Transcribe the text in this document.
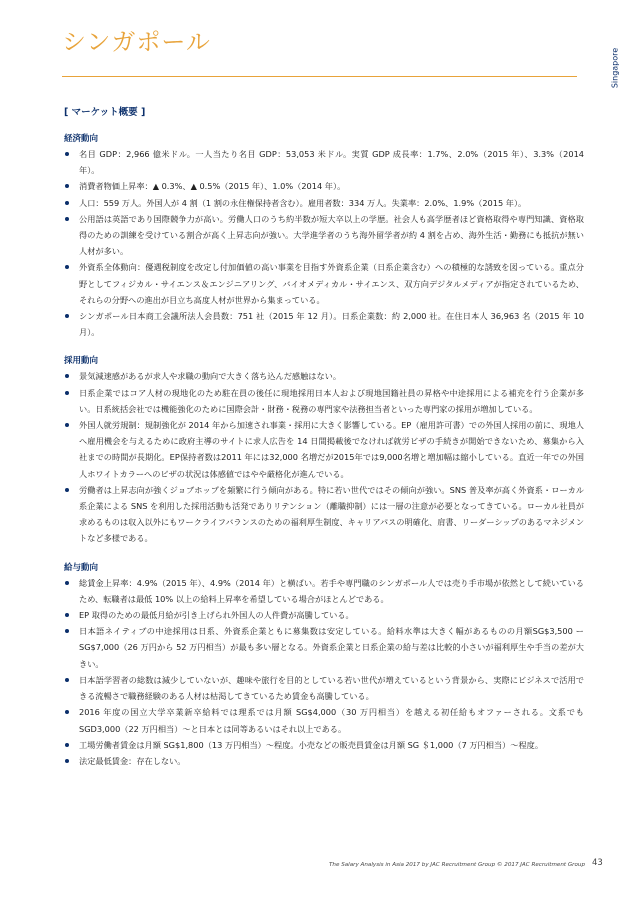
シンガポール
Singapore
[ マーケット概要 ]
経済動向
名目 GDP：2,966 億米ドル。一人当たり名目 GDP：53,053 米ドル。実質 GDP 成長率：1.7%、2.0%（2015 年）、3.3%（2014 年）。
消費者物価上昇率：▲ 0.3%、▲ 0.5%（2015 年）、1.0%（2014 年）。
人口：559 万人。外国人が 4 割（1 割の永住権保持者含む）。雇用者数：334 万人。失業率：2.0%、1.9%（2015 年）。
公用語は英語であり国際競争力が高い。労働人口のうち約半数が短大卒以上の学歴。社会人も高学歴者ほど資格取得や専門知識、資格取得のための訓練を受けている割合が高く上昇志向が強い。大学進学者のうち海外留学者が約 4 割を占め、海外生活・勤務にも抵抗が無い人材が多い。
外資系全体動向：優遇税制度を改定し付加価値の高い事業を目指す外資系企業（日系企業含む）への積極的な誘致を図っている。重点分野としてフィジカル・サイエンス＆エンジニアリング、バイオメディカル・サイエンス、双方向デジタルメディアが指定されているため、それらの分野への進出が目立ち高度人材が世界から集まっている。
シンガポール日本商工会議所法人会員数：751 社（2015 年 12 月）。日系企業数：約 2,000 社。在住日本人 36,963 名（2015 年 10 月）。
採用動向
景気減速感があるが求人や求職の動向で大きく落ち込んだ感触はない。
日系企業ではコア人材の現地化のため駐在員の後任に現地採用日本人および現地国籍社員の昇格や中途採用による補充を行う企業が多い。日系統括会社では機能強化のために国際会計・財務・税務の専門家や法務担当者といった専門家の採用が増加している。
外国人就労規制：規制強化が 2014 年から加速され事業・採用に大きく影響している。EP（雇用許可書）での外国人採用の前に、現地人へ雇用機会を与えるために政府主導のサイトに求人広告を 14 日間掲載後でなければ就労ビザの手続きが開始できないため、募集から入社までの時間が長期化。EP保持者数は2011 年には32,000 名増だが2015年では9,000名増と増加幅は縮小している。直近一年での外国人ホワイトカラーへのビザの状況は体感値ではやや厳格化が進んでいる。
労働者は上昇志向が強くジョブホップを頻繁に行う傾向がある。特に若い世代ではその傾向が強い。SNS 普及率が高く外資系・ローカル系企業による SNS を利用した採用活動も活発でありリテンション（離職抑制）には一層の注意が必要となってきている。ローカル社員が求めるものは収入以外にもワークライフバランスのための福利厚生制度、キャリアパスの明確化、肩書、リーダーシップのあるマネジメントなど多様である。
給与動向
総賃金上昇率：4.9%（2015 年）、4.9%（2014 年）と横ばい。若手や専門職のシンガポール人では売り手市場が依然として続いているため、転職者は最低 10% 以上の給料上昇率を希望している場合がほとんどである。
EP 取得のための最低月給が引き上げられ外国人の人件費が高騰している。
日本語ネイティブの中途採用は日系、外資系企業ともに募集数は安定している。給料水準は大きく幅があるものの月額SG$3,500 ー SG$7,000（26 万円から 52 万円相当）が最も多い層となる。外資系企業と日系企業の給与差は比較的小さいが福利厚生や手当の差が大きい。
日本語学習者の総数は減少していないが、趣味や旅行を目的としている若い世代が増えているという背景から、実際にビジネスで活用できる流暢さで職務経験のある人材は枯渇してきているため賃金も高騰している。
2016 年度の国立大学卒業新卒給料では理系では月額 SG$4,000（30 万円相当）を越える初任給もオファーされる。文系でも SGD3,000（22 万円相当）～と日本とは同等あるいはそれ以上である。
工場労働者賃金は月額 SG$1,800（13 万円相当）～程度。小売などの販売員賃金は月額 SG ＄1,000（7 万円相当）～程度。
法定最低賃金：存在しない。
The Salary Analysis in Asia 2017 by JAC Recruitment Group © 2017 JAC Recruitment Group 43
